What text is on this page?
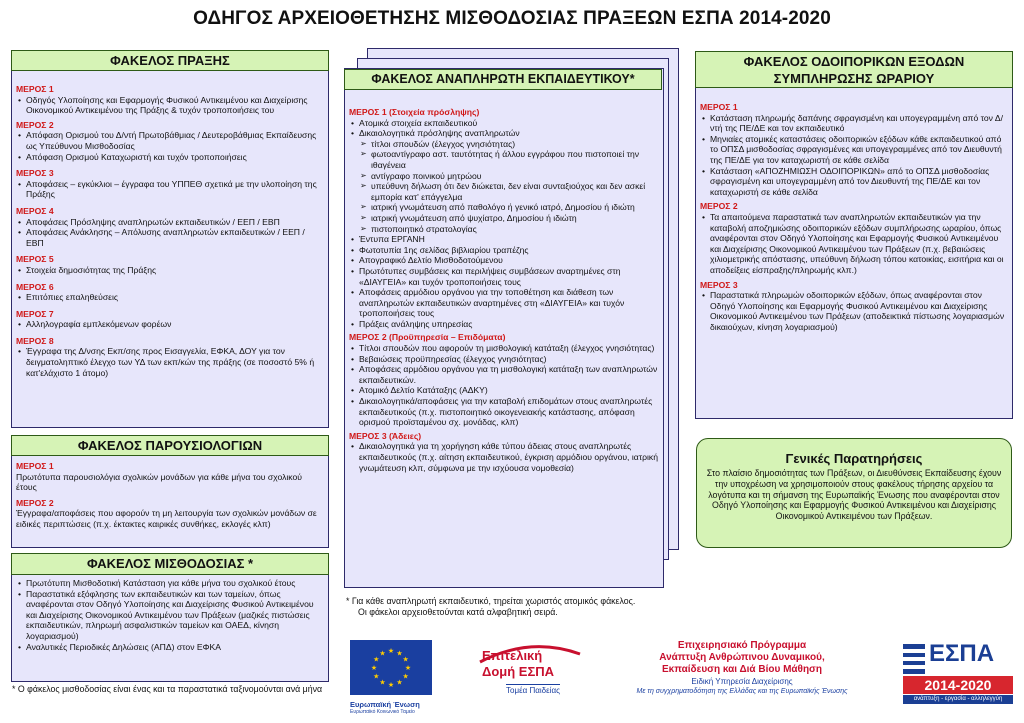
ΟΔΗΓΟΣ ΑΡΧΕΙΟΘΕΤΗΣΗΣ ΜΙΣΘΟΔΟΣΙΑΣ ΠΡΑΞΕΩΝ ΕΣΠΑ 2014-2020
ΦΑΚΕΛΟΣ ΠΡΑΞΗΣ
ΜΕΡΟΣ 1
• Οδηγός Υλοποίησης και Εφαρμογής Φυσικού Αντικειμένου και Διαχείρισης Οικονομικού Αντικειμένου της Πράξης & τυχόν τροποποιήσεις του
ΜΕΡΟΣ 2
• Απόφαση Ορισμού του Δ/ντή Πρωτοβάθμιας / Δευτεροβάθμιας Εκπαίδευσης ως Υπεύθυνου Μισθοδοσίας
• Απόφαση Ορισμού Καταχωριστή και τυχόν τροποποιήσεις
ΜΕΡΟΣ 3
• Αποφάσεις – εγκύκλιοι – έγγραφα του ΥΠΠΕΘ σχετικά με την υλοποίηση της Πράξης
ΜΕΡΟΣ 4
• Αποφάσεις Πρόσληψης αναπληρωτών εκπαιδευτικών / ΕΕΠ / ΕΒΠ
• Αποφάσεις Ανάκλησης – Απόλυσης αναπληρωτών εκπαιδευτικών / ΕΕΠ / ΕΒΠ
ΜΕΡΟΣ 5
• Στοιχεία δημοσιότητας της Πράξης
ΜΕΡΟΣ 6
• Επιτόπιες επαληθεύσεις
ΜΕΡΟΣ 7
• Αλληλογραφία εμπλεκόμενων φορέων
ΜΕΡΟΣ 8
• Έγγραφα της Δ/νσης Εκπ/σης προς Εισαγγελία, ΕΦΚΑ, ΔΟΥ για τον δειγματοληπτικό έλεγχο των ΥΔ των εκπ/κών της πράξης (σε ποσοστό 5% ή κατ'ελάχιστο 1 άτομο)
ΦΑΚΕΛΟΣ ΠΑΡΟΥΣΙΟΛΟΓΙΩΝ
ΜΕΡΟΣ 1
Πρωτότυπα παρουσιολόγια σχολικών μονάδων για κάθε μήνα του σχολικού έτους
ΜΕΡΟΣ 2
Έγγραφα/αποφάσεις που αφορούν τη μη λειτουργία των σχολικών μονάδων σε ειδικές περιπτώσεις (π.χ. έκτακτες καιρικές συνθήκες, εκλογές κλπ)
ΦΑΚΕΛΟΣ ΜΙΣΘΟΔΟΣΙΑΣ *
• Πρωτότυπη Μισθοδοτική Κατάσταση για κάθε μήνα του σχολικού έτους
• Παραστατικά εξόφλησης των εκπαιδευτικών και των ταμείων, όπως αναφέρονται στον Οδηγό Υλοποίησης και Διαχείρισης Φυσικού Αντικειμένου και Διαχείρισης Οικονομικού Αντικειμένου των Πράξεων (μαζικές πιστώσεις εκπαιδευτικών, πληρωμή ασφαλιστικών ταμείων και ΟΑΕΔ, κίνηση λογαριασμού)
• Αναλυτικές Περιοδικές Δηλώσεις (ΑΠΔ) στον ΕΦΚΑ
* Ο φάκελος μισθοδοσίας είναι ένας και τα παραστατικά ταξινομούνται ανά μήνα
ΦΑΚΕΛΟΣ ΑΝΑΠΛΗΡΩΤΗ ΕΚΠΑΙΔΕΥΤΙΚΟΥ*
ΜΕΡΟΣ 1 (Στοιχεία πρόσληψης)
• Ατομικά στοιχεία εκπαιδευτικού
• Δικαιολογητικά πρόσληψης αναπληρωτών
➢ τίτλοι σπουδών (έλεγχος γνησιότητας)
➢ φωτοαντίγραφο αστ. ταυτότητας ή άλλου εγγράφου που πιστοποιεί την ιθαγένεια
➢ αντίγραφο ποινικού μητρώου
➢ υπεύθυνη δήλωση ότι δεν διώκεται, δεν είναι συνταξιούχος και δεν ασκεί εμπορία κατ' επάγγελμα
➢ ιατρική γνωμάτευση από παθολόγο ή γενικό ιατρό, Δημοσίου ή ιδιώτη
➢ ιατρική γνωμάτευση από ψυχίατρο, Δημοσίου ή ιδιώτη
➢ πιστοποιητικό στρατολογίας
• Έντυπα ΕΡΓΑΝΗ
• Φωτοτυπία 1ης σελίδας βιβλιαρίου τραπέζης
• Απογραφικό Δελτίο Μισθοδοτούμενου
• Πρωτότυπες συμβάσεις και περιλήψεις συμβάσεων αναρτημένες στη «ΔΙΑΥΓΕΙΑ» και τυχόν τροποποιήσεις τους
• Αποφάσεις αρμόδιου οργάνου για την τοποθέτηση και διάθεση των αναπληρωτών εκπαιδευτικών αναρτημένες στη «ΔΙΑΥΓΕΙΑ» και τυχόν τροποποιήσεις τους
• Πράξεις ανάληψης υπηρεσίας
ΜΕΡΟΣ 2 (Προϋπηρεσία – Επιδόματα)
• Τίτλοι σπουδών που αφορούν τη μισθολογική κατάταξη (έλεγχος γνησιότητας)
• Βεβαιώσεις προϋπηρεσίας (έλεγχος γνησιότητας)
• Αποφάσεις αρμόδιου οργάνου για τη μισθολογική κατάταξη των αναπληρωτών εκπαιδευτικών.
• Ατομικό Δελτίο Κατάταξης (ΑΔΚΥ)
• Δικαιολογητικά/αποφάσεις για την καταβολή επιδομάτων στους αναπληρωτές εκπαιδευτικούς (π.χ. πιστοποιητικό οικογενειακής κατάστασης, απόφαση ορισμού προϊσταμένου σχ. μονάδας, κλπ)
ΜΕΡΟΣ 3 (Άδειες)
• Δικαιολογητικά για τη χορήγηση κάθε τύπου άδειας στους αναπληρωτές εκπαιδευτικούς (π.χ. αίτηση εκπαιδευτικού, έγκριση αρμόδιου οργάνου, ιατρική γνωμάτευση κλπ, σύμφωνα με την ισχύουσα νομοθεσία)
* Για κάθε αναπληρωτή εκπαιδευτικό, τηρείται χωριστός ατομικός φάκελος.
Οι φάκελοι αρχειοθετούνται κατά αλφαβητική σειρά.
ΦΑΚΕΛΟΣ ΟΔΟΙΠΟΡΙΚΩΝ ΕΞΟΔΩΝ
ΣΥΜΠΛΗΡΩΣΗΣ ΩΡΑΡΙΟΥ
ΜΕΡΟΣ 1
• Κατάσταση πληρωμής δαπάνης σφραγισμένη και υπογεγραμμένη από τον Δ/ντή της ΠΕ/ΔΕ και τον εκπαιδευτικό
• Μηνιαίες ατομικές καταστάσεις οδοιπορικών εξόδων κάθε εκπαιδευτικού από το ΟΠΣΔ μισθοδοσίας σφραγισμένες και υπογεγραμμένες από τον Διευθυντή της ΠΕ/ΔΕ για τον καταχωριστή σε κάθε σελίδα
• Κατάσταση «ΑΠΟΖΗΜΙΩΣΗ ΟΔΟΙΠΟΡΙΚΩΝ» από το ΟΠΣΔ μισθοδοσίας σφραγισμένη και υπογεγραμμένη από τον Διευθυντή της ΠΕ/ΔΕ και τον καταχωριστή σε κάθε σελίδα
ΜΕΡΟΣ 2
• Τα απαιτούμενα παραστατικά των αναπληρωτών εκπαιδευτικών για την καταβολή αποζημιώσης οδοιπορικών εξόδων συμπλήρωσης ωραρίου, όπως αναφέρονται στον Οδηγό Υλοποίησης και Εφαρμογής Φυσικού Αντικειμένου και Διαχείρισης Οικονομικού Αντικειμένου των Πράξεων (π.χ. βεβαιώσεις χιλιομετρικής απόστασης, υπεύθυνη δήλωση τόπου κατοικίας, εισιτήρια και οι αποδείξεις είσπραξης/πληρωμής κλπ.)
ΜΕΡΟΣ 3
• Παραστατικά πληρωμών οδοιπορικών εξόδων, όπως αναφέρονται στον Οδηγό Υλοποίησης και Εφαρμογής Φυσικού Αντικειμένου και Διαχείρισης Οικονομικού Αντικειμένου των Πράξεων (αποδεικτικά πίστωσης λογαριασμών δικαιούχων, κίνηση λογαριασμού)
Γενικές Παρατηρήσεις

Στο πλαίσιο δημοσιότητας των Πράξεων, οι Διευθύνσεις Εκπαίδευσης έχουν την υποχρέωση να χρησιμοποιούν στους φακέλους τήρησης αρχείου τα λογότυπα και τη σήμανση της Ευρωπαϊκής Ένωσης που αναφέρονται στον Οδηγό Υλοποίησης και Εφαρμογής Φυσικού Αντικειμένου και Διαχείρισης Οικονομικού Αντικειμένου των Πράξεων.

★ ★
★
★
★
★
★
★
★
★
★
★
Ευρωπαϊκή Ένωση
Ευρωπαϊκό Κοινωνικό Ταμείο
Επιτελική
Δομή ΕΣΠΑ
Τομέα Παιδείας
Επιχειρησιακό Πρόγραμμα
Ανάπτυξη Ανθρώπινου Δυναμικού,
Εκπαίδευση και Διά Βίου Μάθηση
Ειδική Υπηρεσία Διαχείρισης
Με τη συγχρηματοδότηση της Ελλάδας και της Ευρωπαϊκής Ένωσης
ΕΣΠΑ
2014-2020
ανάπτυξη - εργασία - αλληλεγγύη
